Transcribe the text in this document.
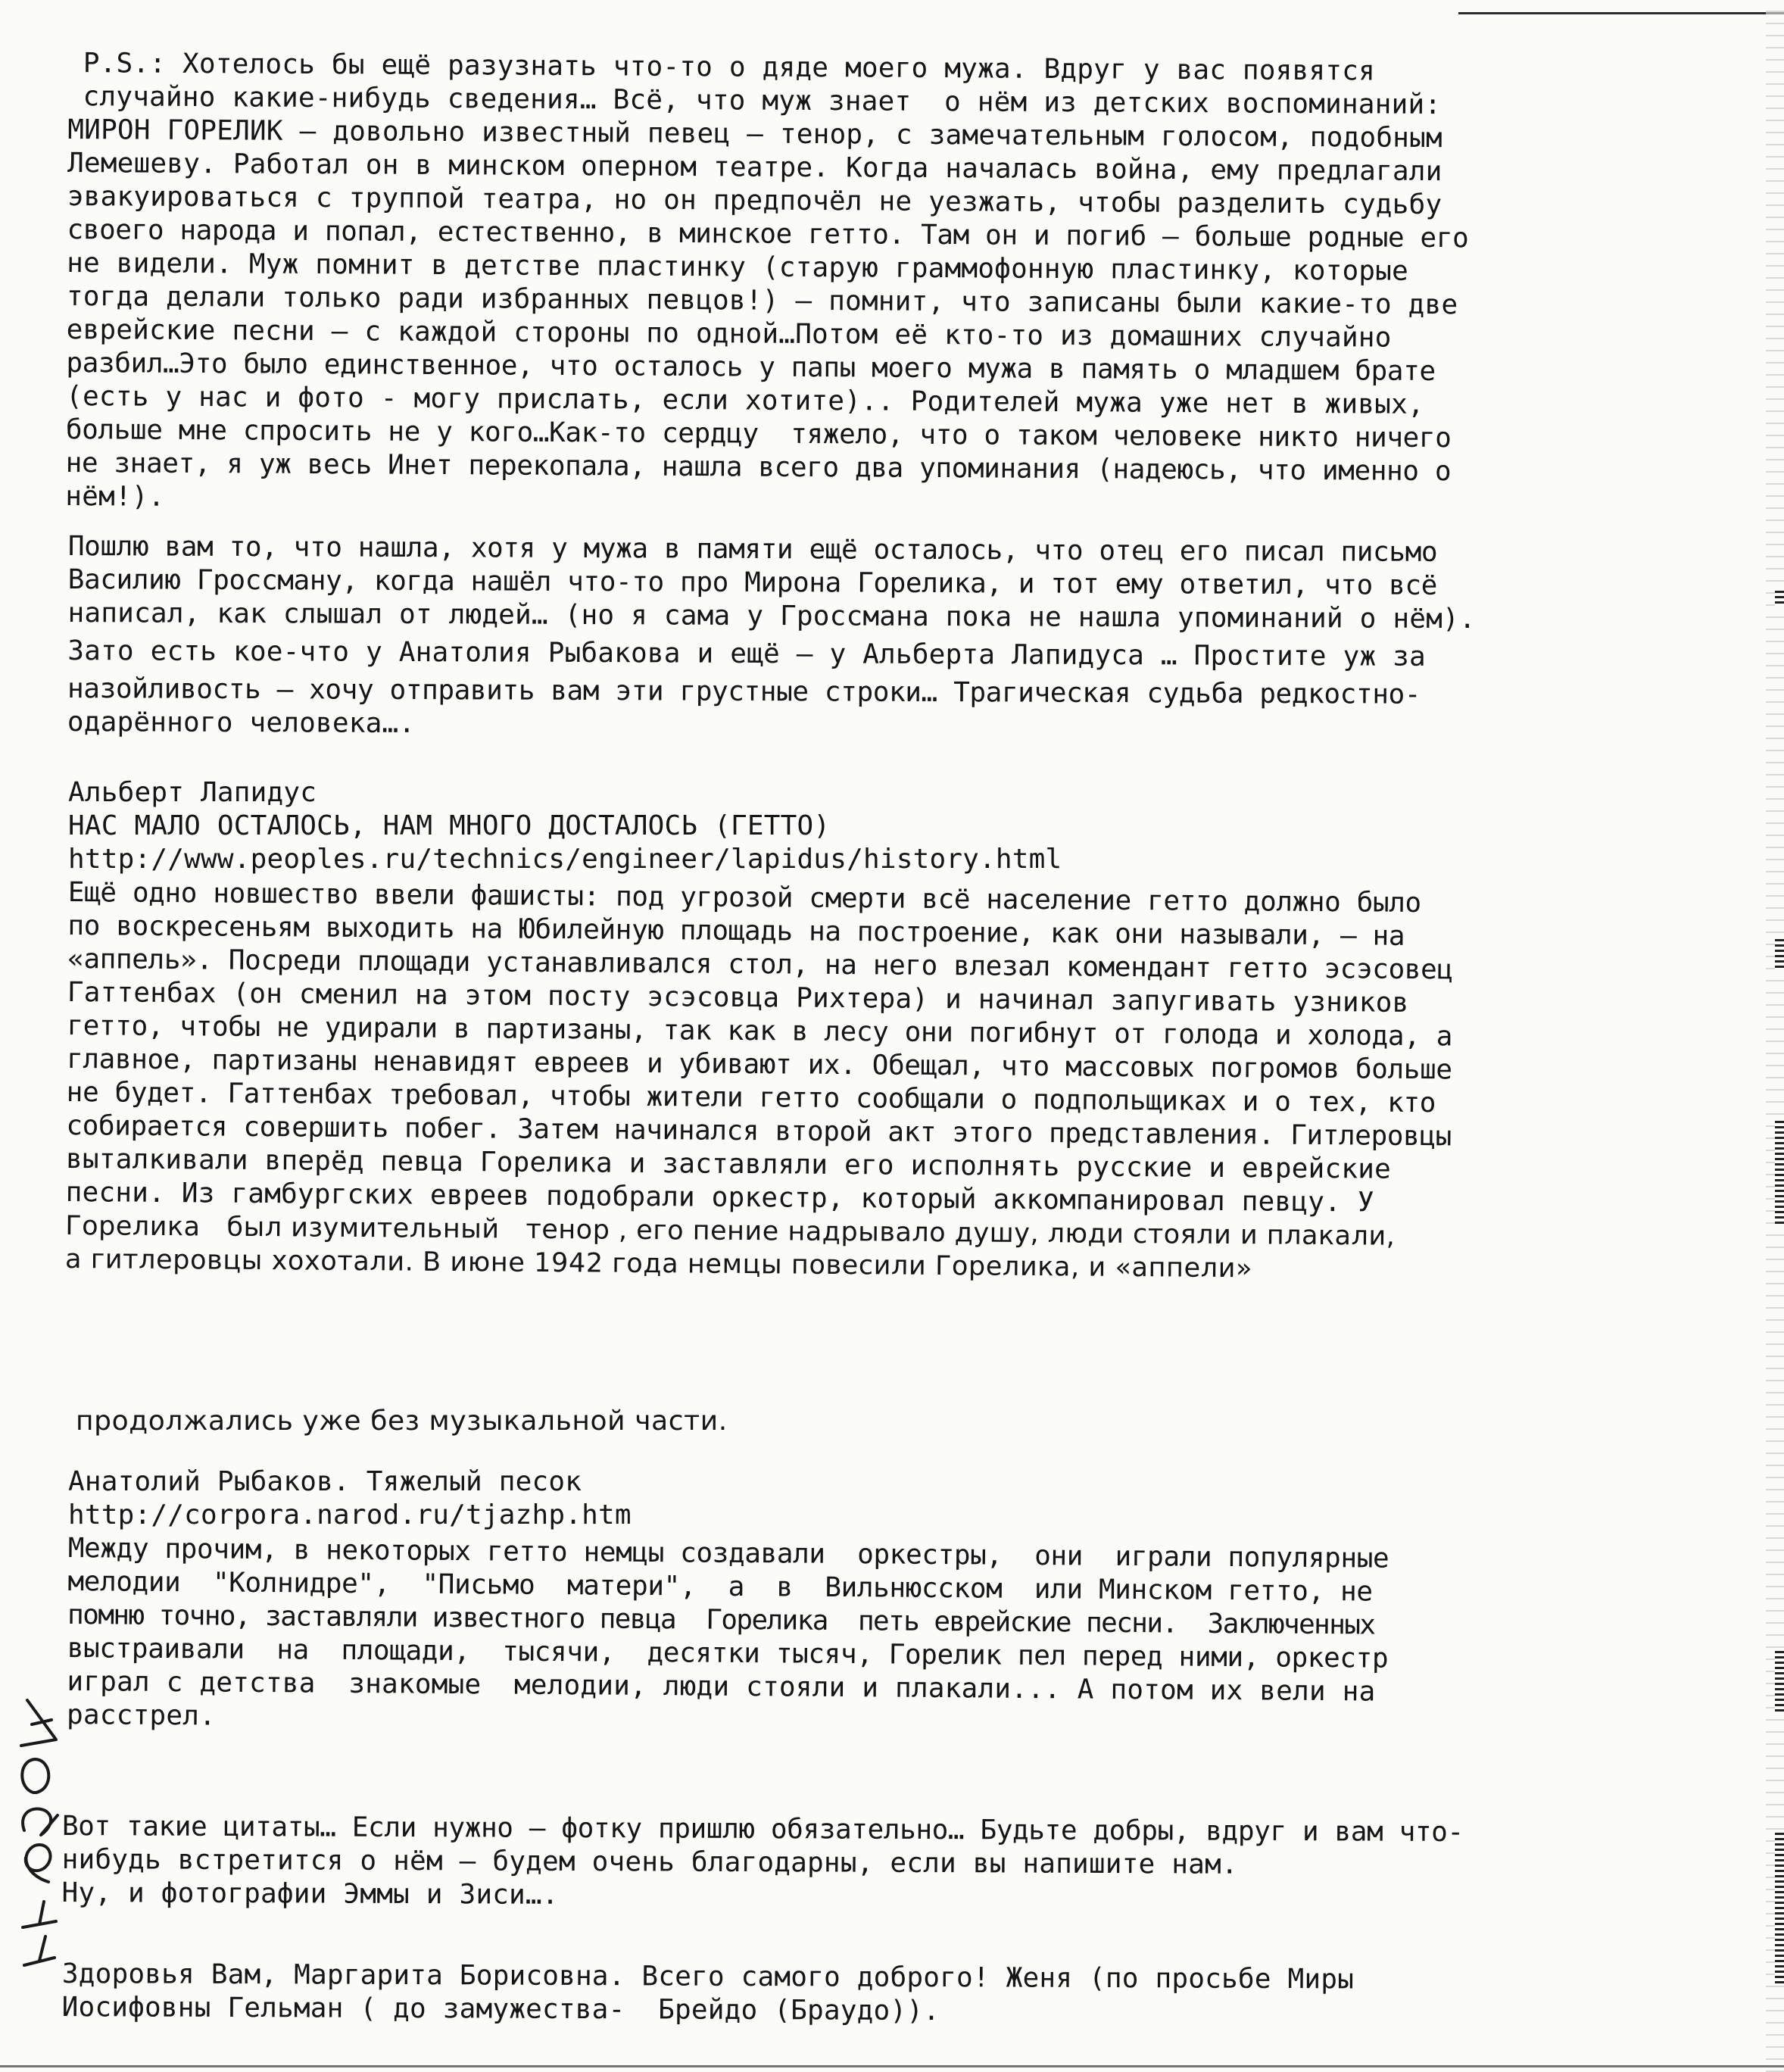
P.S.: Хотелось бы ещё разузнать что-то о дяде моего мужа. Вдруг у вас появятся
случайно какие-нибудь сведения… Всё, что муж знает  о нём из детских воспоминаний:
МИРОН ГОРЕЛИК – довольно известный певец – тенор, с замечательным голосом, подобным
Лемешеву. Работал он в минском оперном театре. Когда началась война, ему предлагали
эвакуироваться с труппой театра, но он предпочёл не уезжать, чтобы разделить судьбу
своего народа и попал, естественно, в минское гетто. Там он и погиб – больше родные его
не видели. Муж помнит в детстве пластинку (старую граммофонную пластинку, которые
тогда делали только ради избранных певцов!) – помнит, что записаны были какие-то две
еврейские песни – с каждой стороны по одной…Потом её кто-то из домашних случайно
разбил…Это было единственное, что осталось у папы моего мужа в память о младшем брате
(есть у нас и фото - могу прислать, если хотите).. Родителей мужа уже нет в живых,
больше мне спросить не у кого…Как-то сердцу  тяжело, что о таком человеке никто ничего
не знает, я уж весь Инет перекопала, нашла всего два упоминания (надеюсь, что именно о
нём!).
Пошлю вам то, что нашла, хотя у мужа в памяти ещё осталось, что отец его писал письмо
Василию Гроссману, когда нашёл что-то про Мирона Горелика, и тот ему ответил, что всё
написал, как слышал от людей… (но я сама у Гроссмана пока не нашла упоминаний о нём).
Зато есть кое-что у Анатолия Рыбакова и ещё – у Альберта Лапидуса … Простите уж за
назойливость – хочу отправить вам эти грустные строки… Трагическая судьба редкостно-
одарённого человека….
Альберт Лапидус
НАС МАЛО ОСТАЛОСЬ, НАМ МНОГО ДОСТАЛОСЬ (ГЕТТО)
http://www.peoples.ru/technics/engineer/lapidus/history.html
Ещё одно новшество ввели фашисты: под угрозой смерти всё население гетто должно было
по воскресеньям выходить на Юбилейную площадь на построение, как они называли, — на
«аппель». Посреди площади устанавливался стол, на него влезал комендант гетто эсэсовец
Гаттенбах (он сменил на этом посту эсэсовца Рихтера) и начинал запугивать узников
гетто, чтобы не удирали в партизаны, так как в лесу они погибнут от голода и холода, а
главное, партизаны ненавидят евреев и убивают их. Обещал, что массовых погромов больше
не будет. Гаттенбах требовал, чтобы жители гетто сообщали о подпольщиках и о тех, кто
собирается совершить побег. Затем начинался второй акт этого представления. Гитлеровцы
выталкивали вперёд певца Горелика и заставляли его исполнять русские и еврейские
песни. Из гамбургских евреев подобрали оркестр, который аккомпанировал певцу. У
Горелика   был изумительный   тенор , его пение надрывало душу, люди стояли и плакали,
а гитлеровцы хохотали. В июне 1942 года немцы повесили Горелика, и «аппели»
продолжались уже без музыкальной части.
Анатолий Рыбаков. Тяжелый песок
http://corpora.narod.ru/tjazhp.htm
Между прочим, в некоторых гетто немцы создавали  оркестры,  они  играли популярные
мелодии  "Колнидре",  "Письмо  матери",  а  в  Вильнюсском  или Минском гетто, не
помню точно, заставляли известного певца  Горелика  петь еврейские песни.  Заключенных
выстраивали  на  площади,  тысячи,  десятки тысяч, Горелик пел перед ними, оркестр
играл с детства  знакомые  мелодии, люди стояли и плакали... А потом их вели на
расстрел.
Вот такие цитаты… Если нужно – фотку пришлю обязательно… Будьте добры, вдруг и вам что-
нибудь встретится о нём – будем очень благодарны, если вы напишите нам.
Ну, и фотографии Эммы и Зиси….
Здоровья Вам, Маргарита Борисовна. Всего самого доброго! Женя (по просьбе Миры
Иосифовны Гельман ( до замужества-  Брейдо (Браудо)).
